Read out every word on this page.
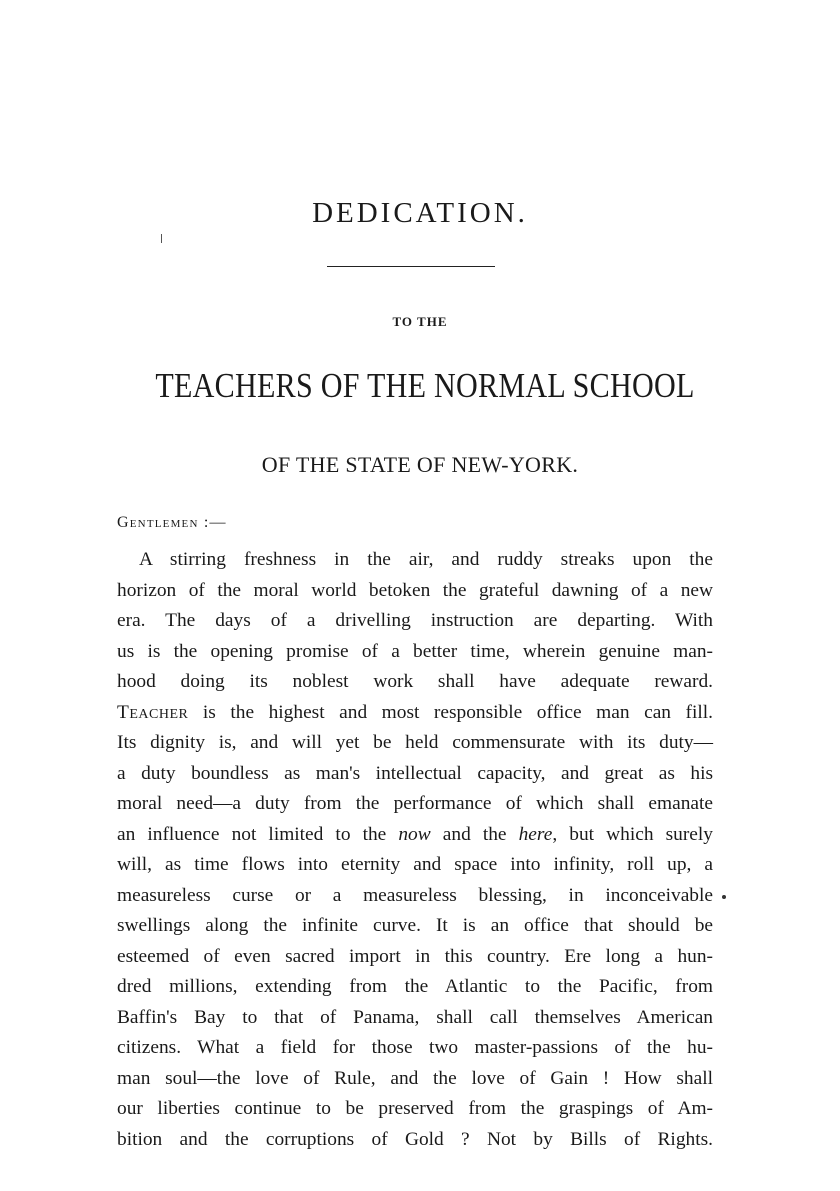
DEDICATION.
TO THE
TEACHERS OF THE NORMAL SCHOOL
OF THE STATE OF NEW-YORK.
Gentlemen :—
A stirring freshness in the air, and ruddy streaks upon the
horizon of the moral world betoken the grateful dawning of a new
era. The days of a drivelling instruction are departing. With
us is the opening promise of a better time, wherein genuine man-
hood doing its noblest work shall have adequate reward.
Teacher is the highest and most responsible office man can fill.
Its dignity is, and will yet be held commensurate with its duty—
a duty boundless as man's intellectual capacity, and great as his
moral need—a duty from the performance of which shall emanate
an influence not limited to the now and the here, but which surely
will, as time flows into eternity and space into infinity, roll up, a
measureless curse or a measureless blessing, in inconceivable
swellings along the infinite curve. It is an office that should be
esteemed of even sacred import in this country. Ere long a hun-
dred millions, extending from the Atlantic to the Pacific, from
Baffin's Bay to that of Panama, shall call themselves American
citizens. What a field for those two master-passions of the hu-
man soul—the love of Rule, and the love of Gain ! How shall
our liberties continue to be preserved from the graspings of Am-
bition and the corruptions of Gold ? Not by Bills of Rights.
